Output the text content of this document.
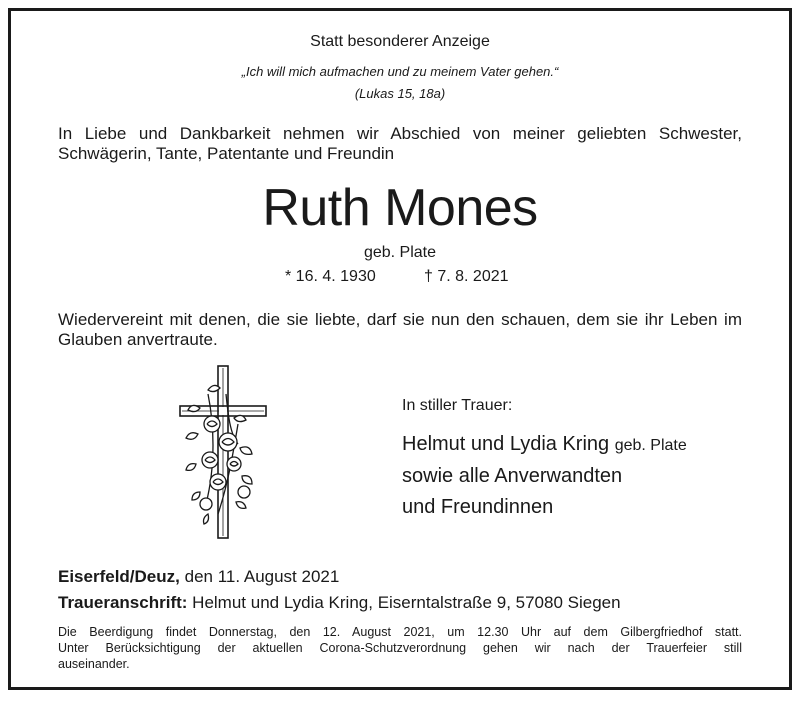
Statt besonderer Anzeige
„Ich will mich aufmachen und zu meinem Vater gehen.“
(Lukas 15, 18a)
In Liebe und Dankbarkeit nehmen wir Abschied von meiner geliebten Schwester,
Schwägerin, Tante, Patentante und Freundin
Ruth Mones
geb. Plate
* 16. 4. 1930	† 7. 8. 2021
Wiedervereint mit denen, die sie liebte, darf sie nun den schauen, dem sie ihr Leben im
Glauben anvertraute.
In stiller Trauer:
Helmut und Lydia Kring geb. Plate
sowie alle Anverwandten
und Freundinnen
Eiserfeld/Deuz, den 11. August 2021
Traueranschrift: Helmut und Lydia Kring, Eiserntalstraße 9, 57080 Siegen
Die Beerdigung findet Donnerstag, den 12. August 2021, um 12.30 Uhr auf dem Gilbergfriedhof statt.
Unter Berücksichtigung der aktuellen Corona-Schutzverordnung gehen wir nach der Trauerfeier still
auseinander.
